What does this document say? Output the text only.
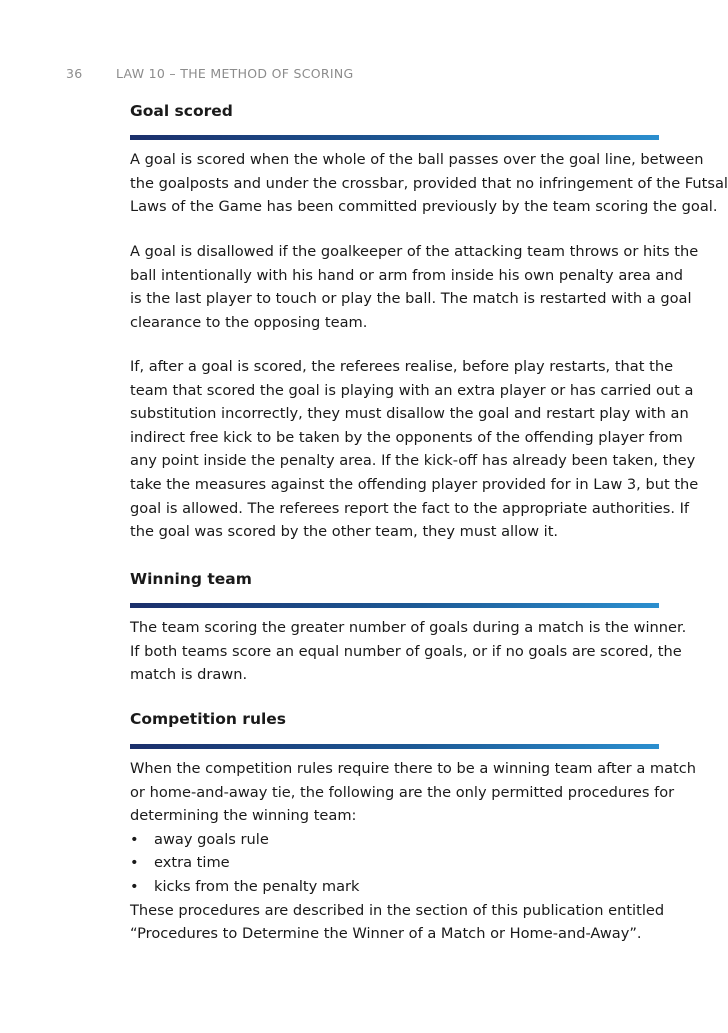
36	LAW 10 – THE METHOD OF SCORING
Goal scored
A goal is scored when the whole of the ball passes over the goal line, between
the goalposts and under the crossbar, provided that no infringement of the Futsal
Laws of the Game has been committed previously by the team scoring the goal.
A goal is disallowed if the goalkeeper of the attacking team throws or hits the
ball intentionally with his hand or arm from inside his own penalty area and
is the last player to touch or play the ball. The match is restarted with a goal
clearance to the opposing team.
If, after a goal is scored, the referees realise, before play restarts, that the
team that scored the goal is playing with an extra player or has carried out a
substitution incorrectly, they must disallow the goal and restart play with an
indirect free kick to be taken by the opponents of the offending player from
any point inside the penalty area. If the kick-off has already been taken, they
take the measures against the offending player provided for in Law 3, but the
goal is allowed. The referees report the fact to the appropriate authorities. If
the goal was scored by the other team, they must allow it.
Winning team
The team scoring the greater number of goals during a match is the winner.
If both teams score an equal number of goals, or if no goals are scored, the
match is drawn.
Competition rules
When the competition rules require there to be a winning team after a match
or home-and-away tie, the following are the only permitted procedures for
determining the winning team:
• away goals rule
• extra time
• kicks from the penalty mark
These procedures are described in the section of this publication entitled
“Procedures to Determine the Winner of a Match or Home-and-Away”.
